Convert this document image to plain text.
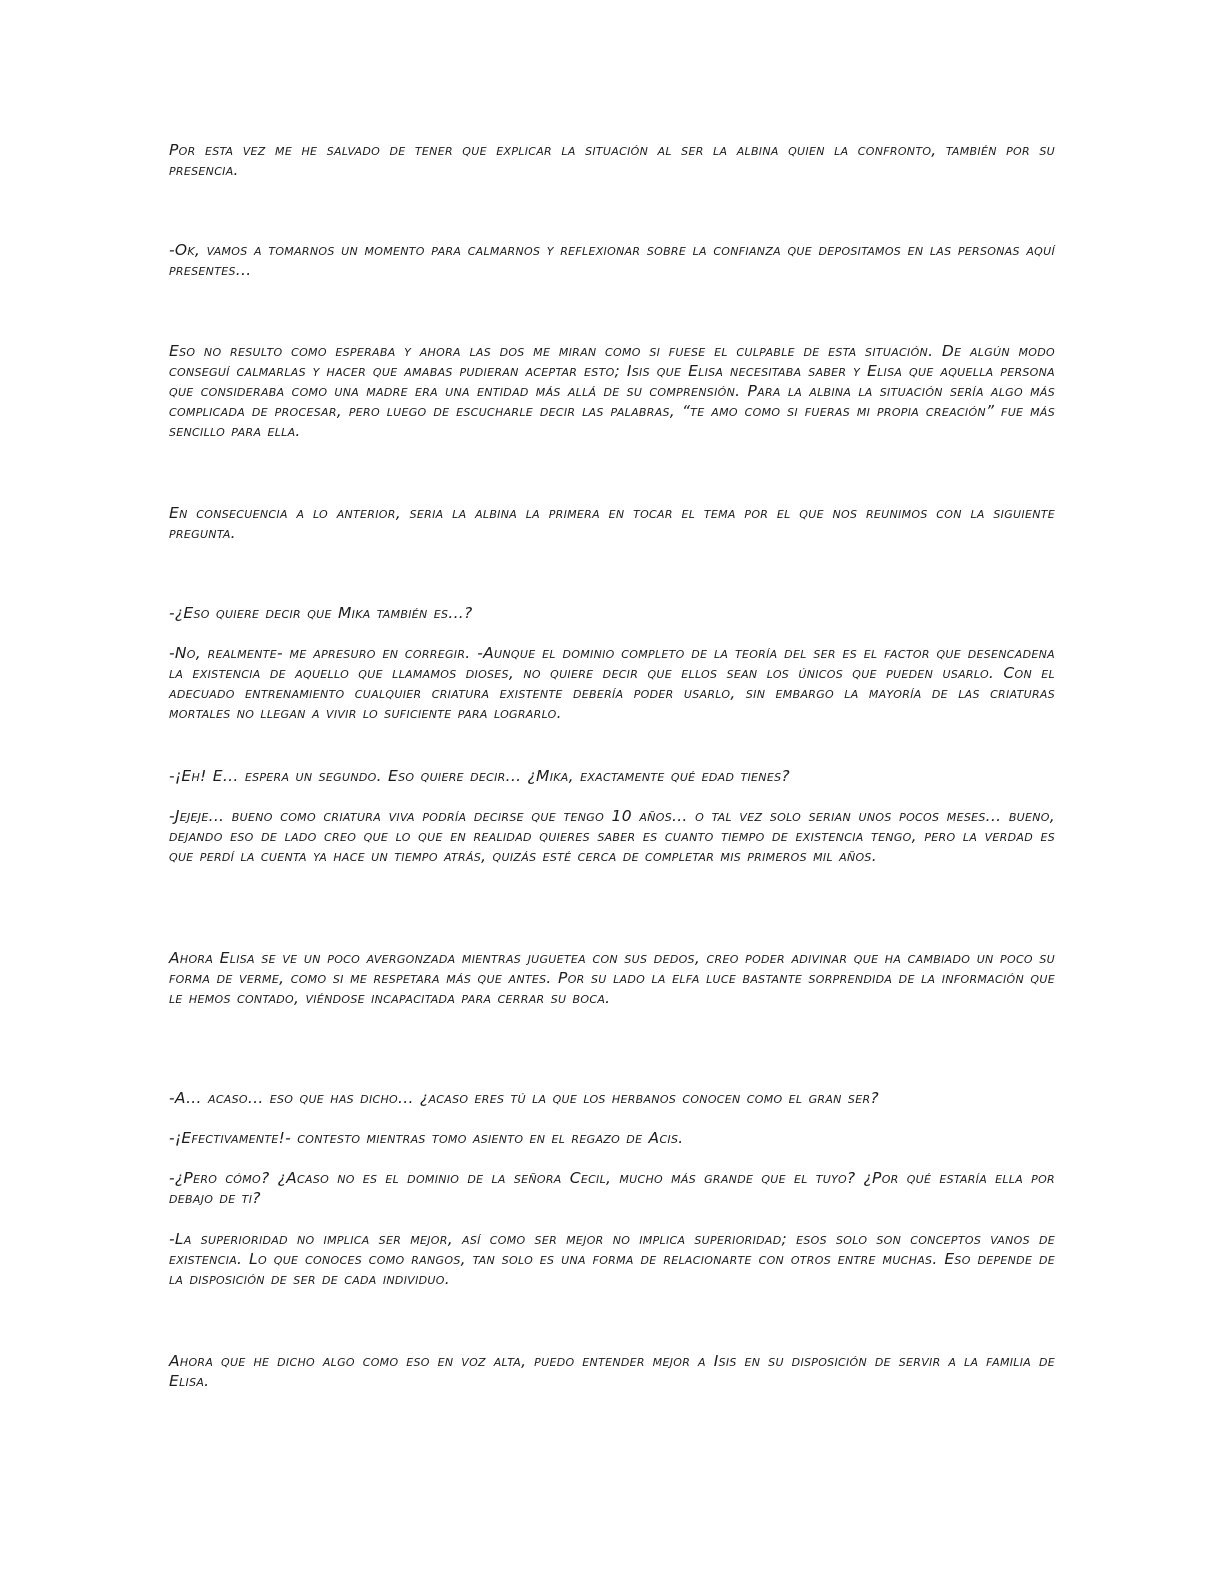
Por esta vez me he salvado de tener que explicar la situación al ser la albina quien la confronto, también por su presencia.

-Ok, vamos a tomarnos un momento para calmarnos y reflexionar sobre la confianza que depositamos en las personas aquí presentes...

Eso no resulto como esperaba y ahora las dos me miran como si fuese el culpable de esta situación. De algún modo conseguí calmarlas y hacer que amabas pudieran aceptar esto; Isis que Elisa necesitaba saber y Elisa que aquella persona que consideraba como una madre era una entidad más allá de su comprensión. Para la albina la situación sería algo más complicada de procesar, pero luego de escucharle decir las palabras, “te amo como si fueras mi propia creación” fue más sencillo para ella.

En consecuencia a lo anterior, seria la albina la primera en tocar el tema por el que nos reunimos con la siguiente pregunta.

-¿Eso quiere decir que Mika también es...?

-No, realmente- me apresuro en corregir. -Aunque el dominio completo de la teoría del ser es el factor que desencadena la existencia de aquello que llamamos dioses, no quiere decir que ellos sean los únicos que pueden usarlo. Con el adecuado entrenamiento cualquier criatura existente debería poder usarlo, sin embargo la mayoría de las criaturas mortales no llegan a vivir lo suficiente para lograrlo.

-¡Eh! E... espera un segundo. Eso quiere decir... ¿Mika, exactamente qué edad tienes?

-Jejeje... bueno como criatura viva podría decirse que tengo 10 años... o tal vez solo serian unos pocos meses... bueno, dejando eso de lado creo que lo que en realidad quieres saber es cuanto tiempo de existencia tengo, pero la verdad es que perdí la cuenta ya hace un tiempo atrás, quizás esté cerca de completar mis primeros mil años.

Ahora Elisa se ve un poco avergonzada mientras juguetea con sus dedos, creo poder adivinar que ha cambiado un poco su forma de verme, como si me respetara más que antes. Por su lado la elfa luce bastante sorprendida de la información que le hemos contado, viéndose incapacitada para cerrar su boca.

-A... acaso... eso que has dicho... ¿acaso eres tú la que los herbanos conocen como el gran ser?

-¡Efectivamente!- contesto mientras tomo asiento en el regazo de Acis.

-¿Pero cómo? ¿Acaso no es el dominio de la señora Cecil, mucho más grande que el tuyo? ¿Por qué estaría ella por debajo de ti?

-La superioridad no implica ser mejor, así como ser mejor no implica superioridad; esos solo son conceptos vanos de existencia. Lo que conoces como rangos, tan solo es una forma de relacionarte con otros entre muchas. Eso depende de la disposición de ser de cada individuo.

Ahora que he dicho algo como eso en voz alta, puedo entender mejor a Isis en su disposición de servir a la familia de Elisa.
